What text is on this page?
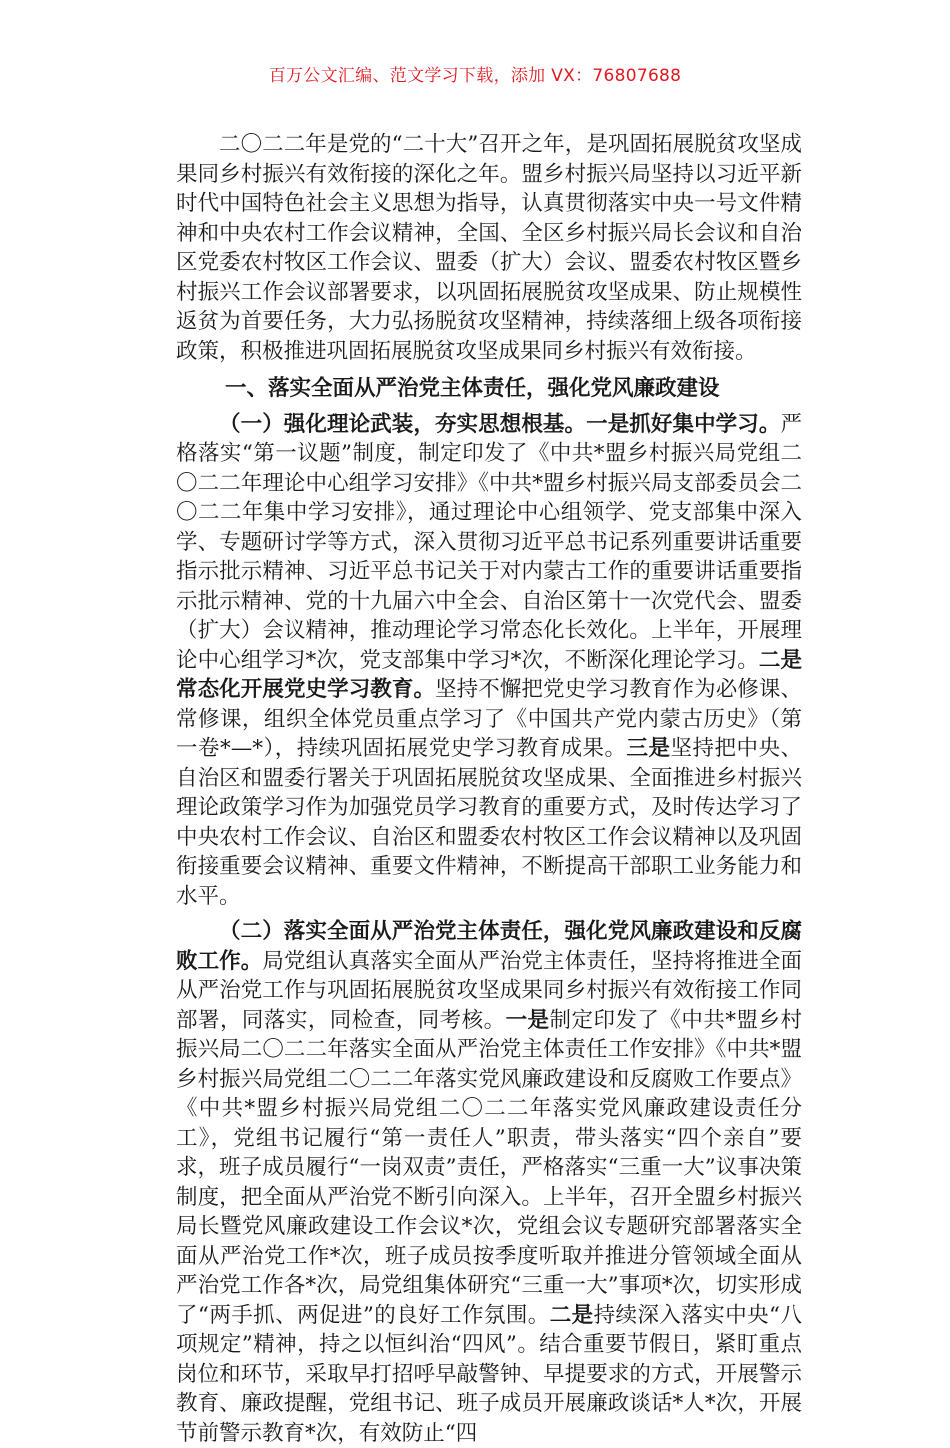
百万公文汇编、范文学习下载，添加 VX：76807688

二〇二二年是党的“二十大”召开之年，是巩固拓展脱贫攻坚成果同乡村振兴有效衔接的深化之年。盟乡村振兴局坚持以习近平新时代中国特色社会主义思想为指导，认真贯彻落实中央一号文件精神和中央农村工作会议精神，全国、全区乡村振兴局长会议和自治区党委农村牧区工作会议、盟委（扩大）会议、盟委农村牧区暨乡村振兴工作会议部署要求，以巩固拓展脱贫攻坚成果、防止规模性返贫为首要任务，大力弘扬脱贫攻坚精神，持续落细上级各项衔接政策，积极推进巩固拓展脱贫攻坚成果同乡村振兴有效衔接。

一、落实全面从严治党主体责任，强化党风廉政建设

（一）强化理论武装，夯实思想根基。一是抓好集中学习。严格落实“第一议题”制度，制定印发了《中共*盟乡村振兴局党组二〇二二年理论中心组学习安排》《中共*盟乡村振兴局支部委员会二〇二二年集中学习安排》，通过理论中心组领学、党支部集中深入学、专题研讨学等方式，深入贯彻习近平总书记系列重要讲话重要指示批示精神、习近平总书记关于对内蒙古工作的重要讲话重要指示批示精神、党的十九届六中全会、自治区第十一次党代会、盟委（扩大）会议精神，推动理论学习常态化长效化。上半年，开展理论中心组学习*次，党支部集中学习*次，不断深化理论学习。二是常态化开展党史学习教育。坚持不懈把党史学习教育作为必修课、常修课，组织全体党员重点学习了《中国共产党内蒙古历史》（第一卷*—*），持续巩固拓展党史学习教育成果。三是坚持把中央、自治区和盟委行署关于巩固拓展脱贫攻坚成果、全面推进乡村振兴理论政策学习作为加强党员学习教育的重要方式，及时传达学习了中央农村工作会议、自治区和盟委农村牧区工作会议精神以及巩固衔接重要会议精神、重要文件精神，不断提高干部职工业务能力和水平。

（二）落实全面从严治党主体责任，强化党风廉政建设和反腐败工作。局党组认真落实全面从严治党主体责任，坚持将推进全面从严治党工作与巩固拓展脱贫攻坚成果同乡村振兴有效衔接工作同部署，同落实，同检查，同考核。一是制定印发了《中共*盟乡村振兴局二〇二二年落实全面从严治党主体责任工作安排》《中共*盟乡村振兴局党组二〇二二年落实党风廉政建设和反腐败工作要点》《中共*盟乡村振兴局党组二〇二二年落实党风廉政建设责任分工》，党组书记履行“第一责任人”职责，带头落实“四个亲自”要求，班子成员履行“一岗双责”责任，严格落实“三重一大”议事决策制度，把全面从严治党不断引向深入。上半年，召开全盟乡村振兴局长暨党风廉政建设工作会议*次，党组会议专题研究部署落实全面从严治党工作*次，班子成员按季度听取并推进分管领域全面从严治党工作各*次，局党组集体研究“三重一大”事项*次，切实形成了“两手抓、两促进”的良好工作氛围。二是持续深入落实中央“八项规定”精神，持之以恒纠治“四风”。结合重要节假日，紧盯重点岗位和环节，采取早打招呼早敲警钟、早提要求的方式，开展警示教育、廉政提醒，党组书记、班子成员开展廉政谈话*人*次，开展节前警示教育*次，有效防止“四
